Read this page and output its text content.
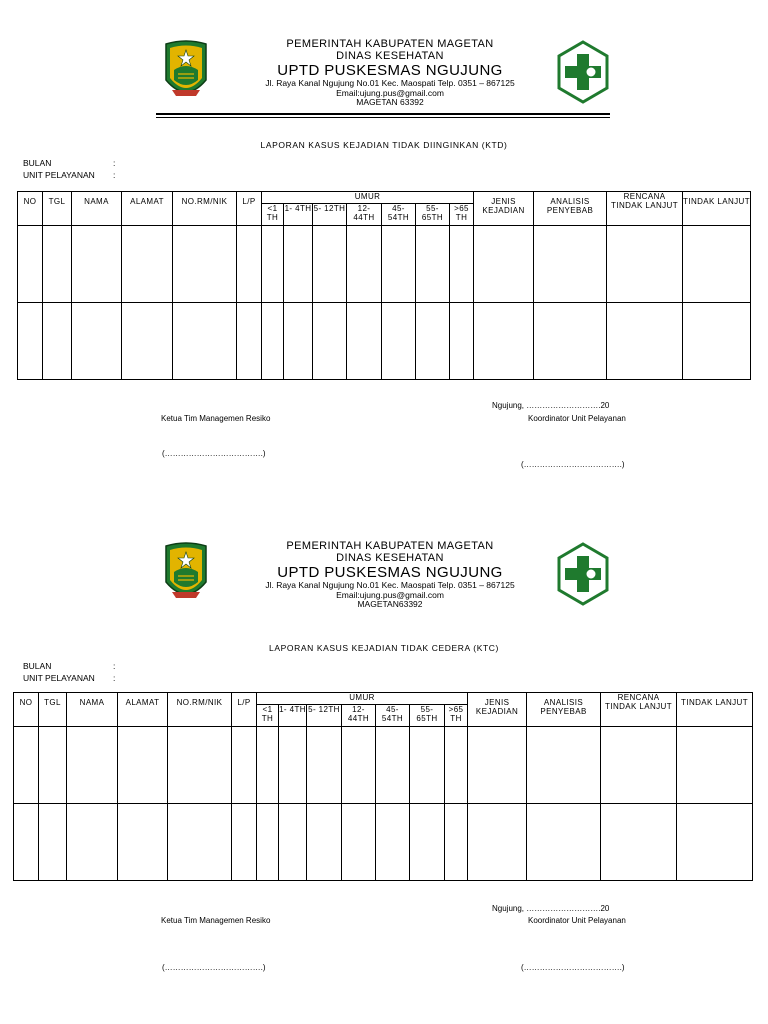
PEMERINTAH KABUPATEN MAGETAN
DINAS KESEHATAN
UPTD PUSKESMAS NGUJUNG
Jl. Raya Kanal Ngujung No.01 Kec. Maospati Telp. 0351 – 867125
Email:ujung.pus@gmail.com
MAGETAN 63392
LAPORAN KASUS KEJADIAN TIDAK DIINGINKAN (KTD)
BULAN	:
UNIT PELAYANAN :
NO	TGL	NAMA	ALAMAT	NO.RM/NIK	L/P	UMUR							JENIS KEJADIAN	ANALISIS PENYEBAB	RENCANA TINDAK LANJUT	TINDAK LANJUT
						<1 TH	1- 4TH	5- 12TH	12- 44TH	45- 54TH	55- 65TH	>65 TH				

Ngujung, ……………………….20
Ketua Tim Managemen Resiko	Koordinator Unit Pelayanan
(……………………………….)
(……………………………….)
PEMERINTAH KABUPATEN MAGETAN
DINAS KESEHATAN
UPTD PUSKESMAS NGUJUNG
Jl. Raya Kanal Ngujung No.01 Kec. Maospati Telp. 0351 – 867125
Email:ujung.pus@gmail.com
MAGETAN63392
LAPORAN KASUS KEJADIAN TIDAK CEDERA (KTC)
BULAN	:
UNIT PELAYANAN :
NO	TGL	NAMA	ALAMAT	NO.RM/NIK	L/P	UMUR							JENIS KEJADIAN	ANALISIS PENYEBAB	RENCANA TINDAK LANJUT	TINDAK LANJUT
						<1 TH	1- 4TH	5- 12TH	12- 44TH	45- 54TH	55- 65TH	>65 TH				

Ngujung, ……………………….20
Ketua Tim Managemen Resiko	Koordinator Unit Pelayanan
(……………………………….)	(……………………………….)
